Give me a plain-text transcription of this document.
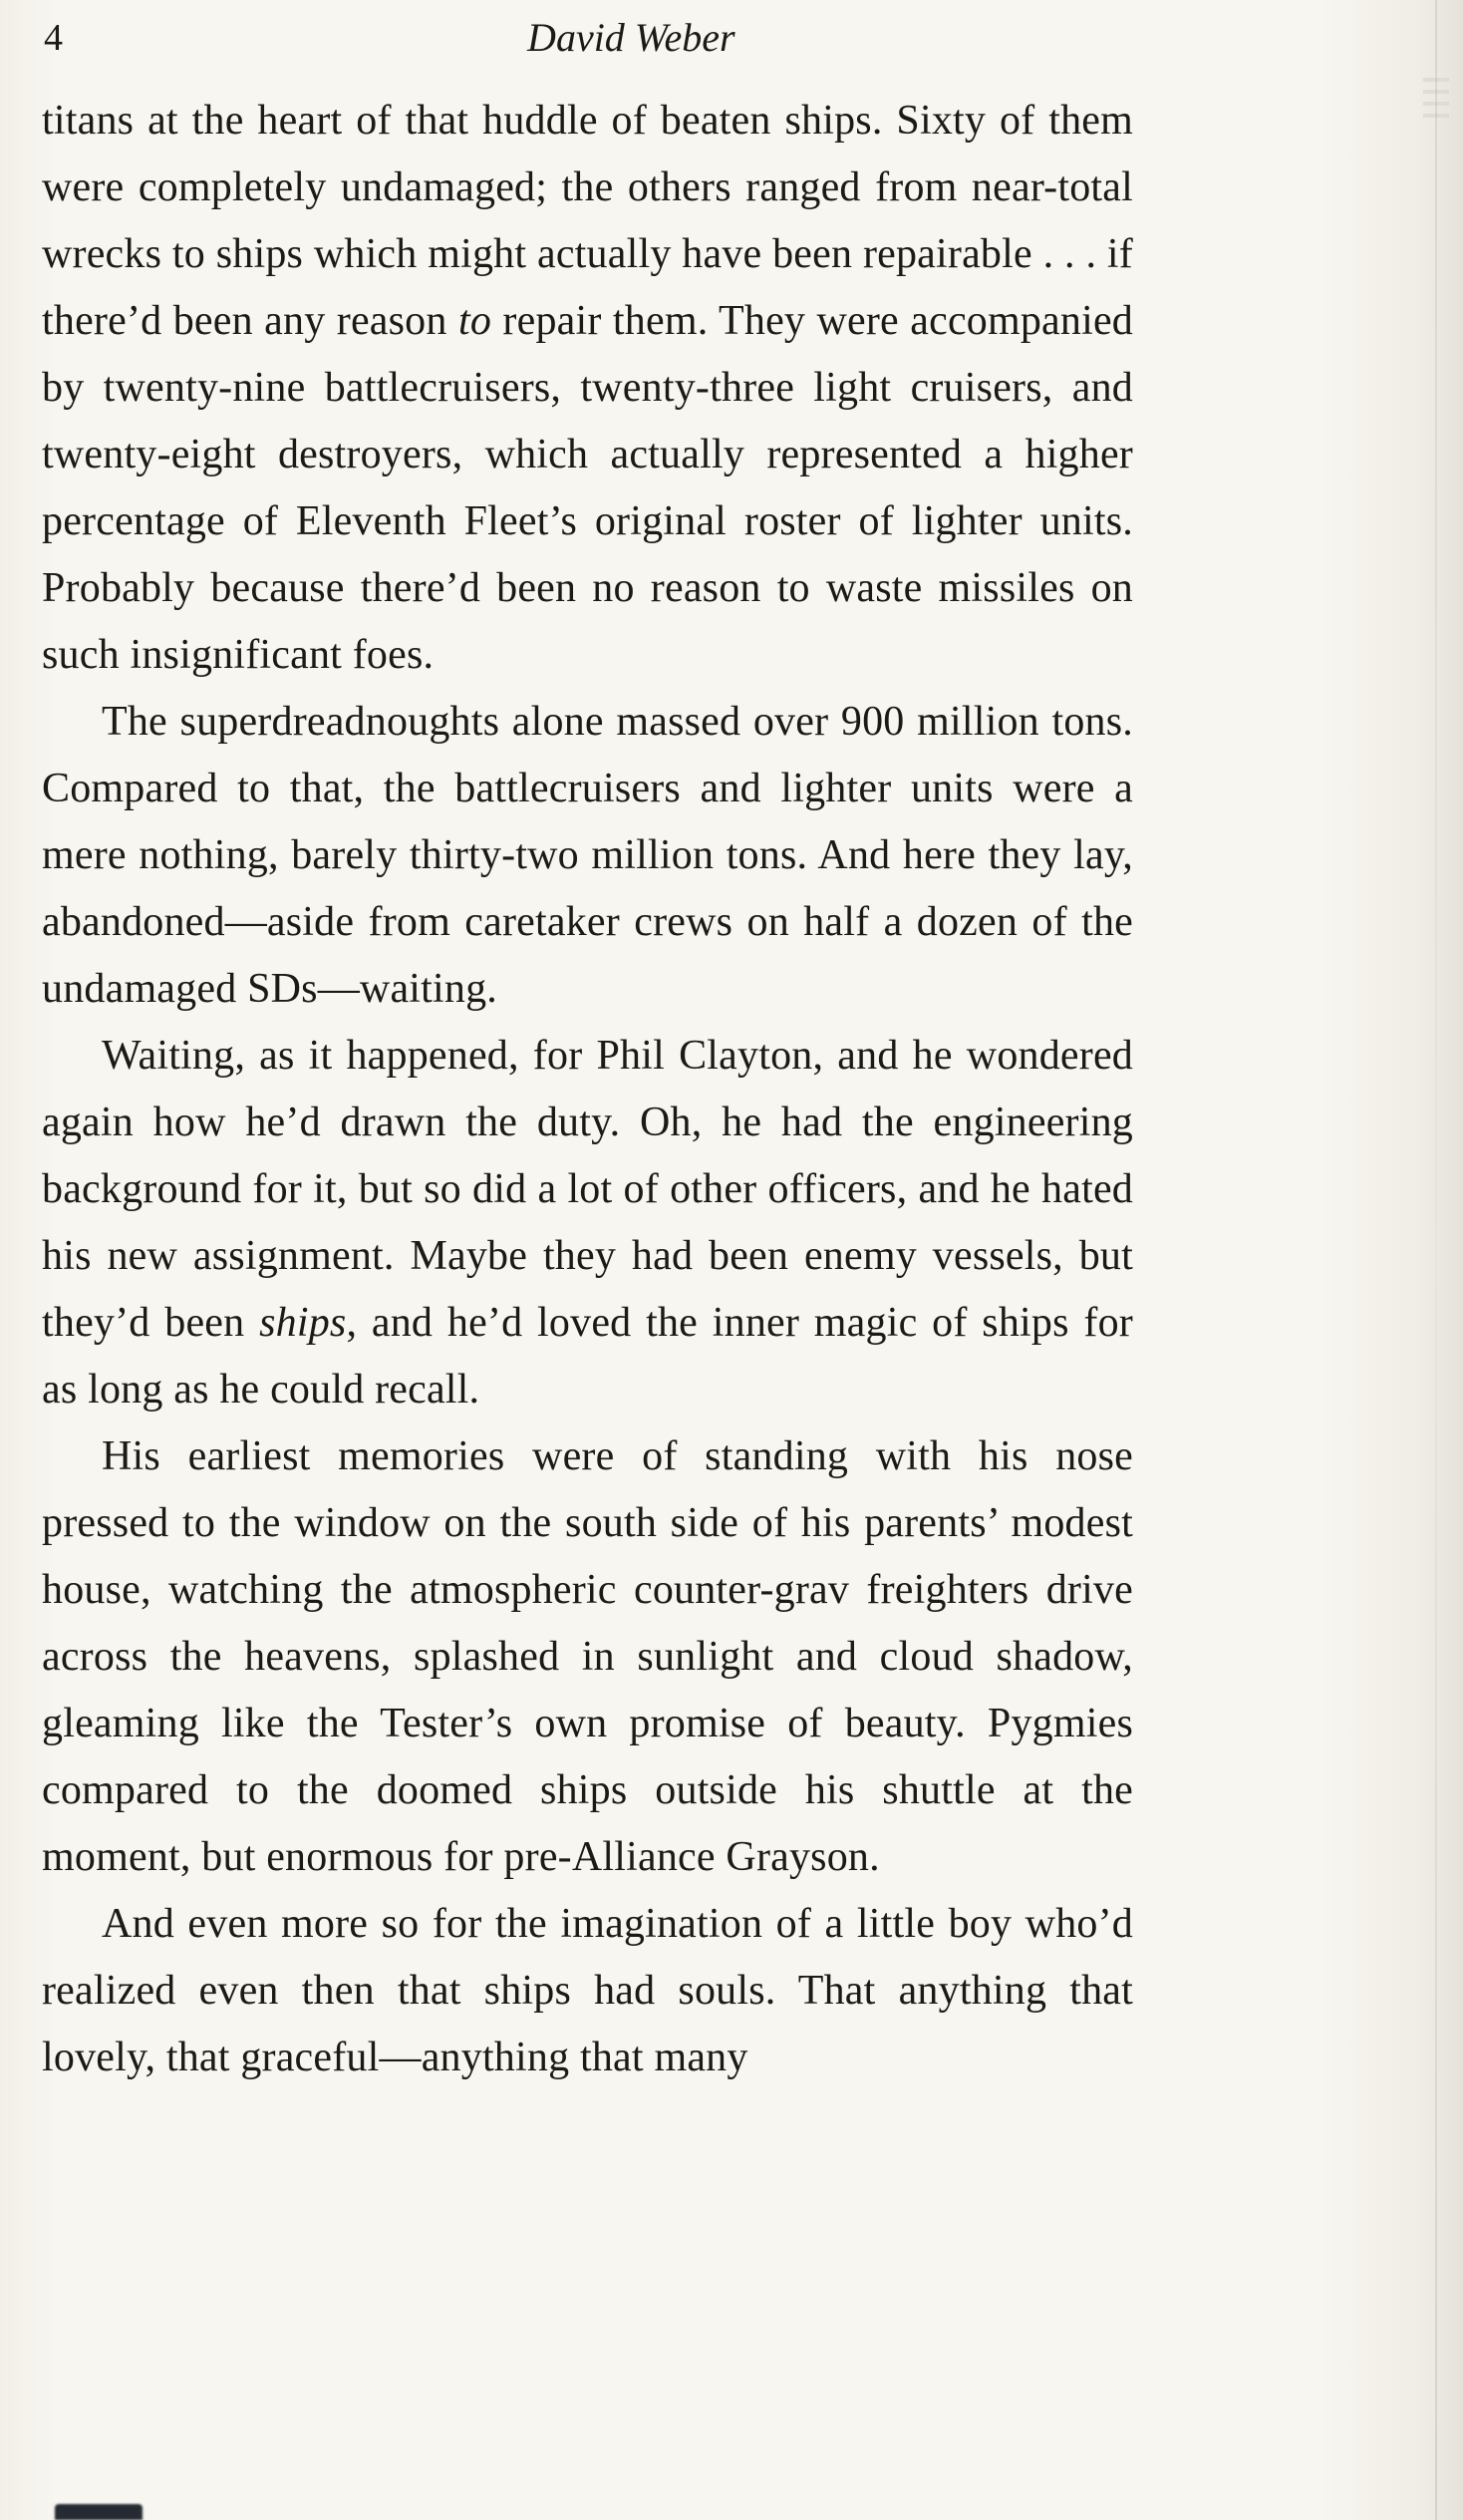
4	David Weber

titans at the heart of that huddle of beaten ships. Sixty of them were completely undamaged; the others ranged from near-total wrecks to ships which might actually have been repairable . . . if there’d been any reason to repair them. They were accompanied by twenty-nine battlecruisers, twenty-three light cruisers, and twenty-eight destroyers, which actually represented a higher percentage of Eleventh Fleet’s original roster of lighter units. Probably because there’d been no reason to waste missiles on such insignificant foes.

The superdreadnoughts alone massed over 900 million tons. Compared to that, the battlecruisers and lighter units were a mere nothing, barely thirty-two million tons. And here they lay, abandoned—aside from caretaker crews on half a dozen of the undamaged SDs—waiting.

Waiting, as it happened, for Phil Clayton, and he wondered again how he’d drawn the duty. Oh, he had the engineering background for it, but so did a lot of other officers, and he hated his new assignment. Maybe they had been enemy vessels, but they’d been ships, and he’d loved the inner magic of ships for as long as he could recall.

His earliest memories were of standing with his nose pressed to the window on the south side of his parents’ modest house, watching the atmospheric counter-grav freighters drive across the heavens, splashed in sunlight and cloud shadow, gleaming like the Tester’s own promise of beauty. Pygmies compared to the doomed ships outside his shuttle at the moment, but enormous for pre-Alliance Grayson.

And even more so for the imagination of a little boy who’d realized even then that ships had souls. That anything that lovely, that graceful—anything that many
